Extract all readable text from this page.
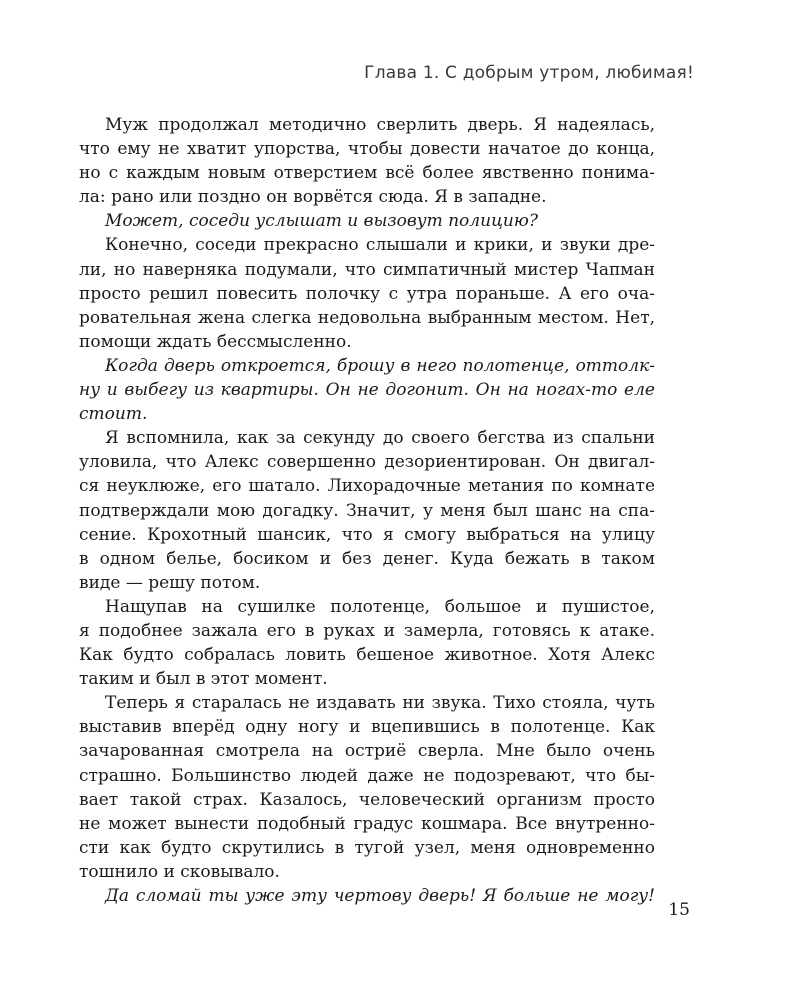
Глава 1. С добрым утром, любимая!
Муж продолжал методично сверлить дверь. Я надеялась,
что ему не хватит упорства, чтобы довести начатое до конца,
но с каждым новым отверстием всё более явственно понима-
ла: рано или поздно он ворвётся сюда. Я в западне.
Может, соседи услышат и вызовут полицию?
Конечно, соседи прекрасно слышали и крики, и звуки дре-
ли, но наверняка подумали, что симпатичный мистер Чапман
просто решил повесить полочку с утра пораньше. А его оча-
ровательная жена слегка недовольна выбранным местом. Нет,
помощи ждать бессмысленно.
Когда дверь откроется, брошу в него полотенце, оттолк-
ну и выбегу из квартиры. Он не догонит. Он на ногах-то еле
стоит.
Я вспомнила, как за секунду до своего бегства из спальни
уловила, что Алекс совершенно дезориентирован. Он двигал-
ся неуклюже, его шатало. Лихорадочные метания по комнате
подтверждали мою догадку. Значит, у меня был шанс на спа-
сение. Крохотный шансик, что я смогу выбраться на улицу
в одном белье, босиком и без денег. Куда бежать в таком
виде — решу потом.
Нащупав на сушилке полотенце, большое и пушистое,
я подобнее зажала его в руках и замерла, готовясь к атаке.
Как будто собралась ловить бешеное животное. Хотя Алекс
таким и был в этот момент.
Теперь я старалась не издавать ни звука. Тихо стояла, чуть
выставив вперёд одну ногу и вцепившись в полотенце. Как
зачарованная смотрела на остриё сверла. Мне было очень
страшно. Большинство людей даже не подозревают, что бы-
вает такой страх. Казалось, человеческий организм просто
не может вынести подобный градус кошмара. Все внутренно-
сти как будто скрутились в тугой узел, меня одновременно
тошнило и сковывало.
Да сломай ты уже эту чертову дверь! Я больше не могу!
15
